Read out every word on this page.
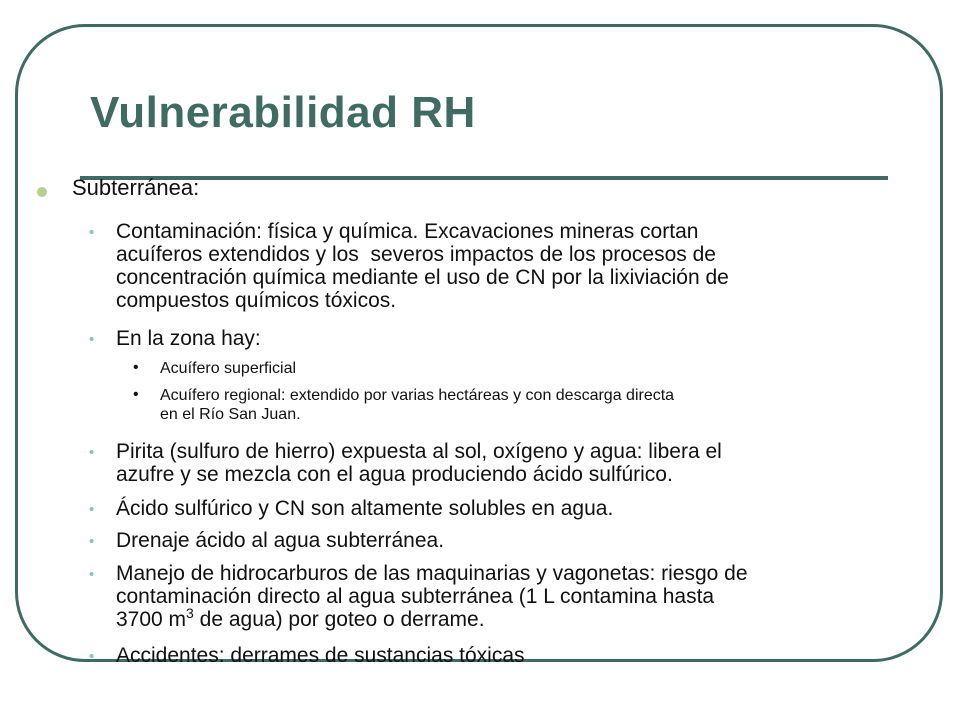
Vulnerabilidad RH
Subterránea:
• Contaminación: física y química. Excavaciones mineras cortan
acuíferos extendidos y los  severos impactos de los procesos de
concentración química mediante el uso de CN por la lixiviación de
compuestos químicos tóxicos.
• En la zona hay:
• Acuífero superficial
• Acuífero regional: extendido por varias hectáreas y con descarga directa
en el Río San Juan.
• Pirita (sulfuro de hierro) expuesta al sol, oxígeno y agua: libera el
azufre y se mezcla con el agua produciendo ácido sulfúrico.
• Ácido sulfúrico y CN son altamente solubles en agua.
• Drenaje ácido al agua subterránea.
• Manejo de hidrocarburos de las maquinarias y vagonetas: riesgo de
contaminación directo al agua subterránea (1 L contamina hasta
3700 $m^3$ de agua) por goteo o derrame.
• Accidentes: derrames de sustancias tóxicas
